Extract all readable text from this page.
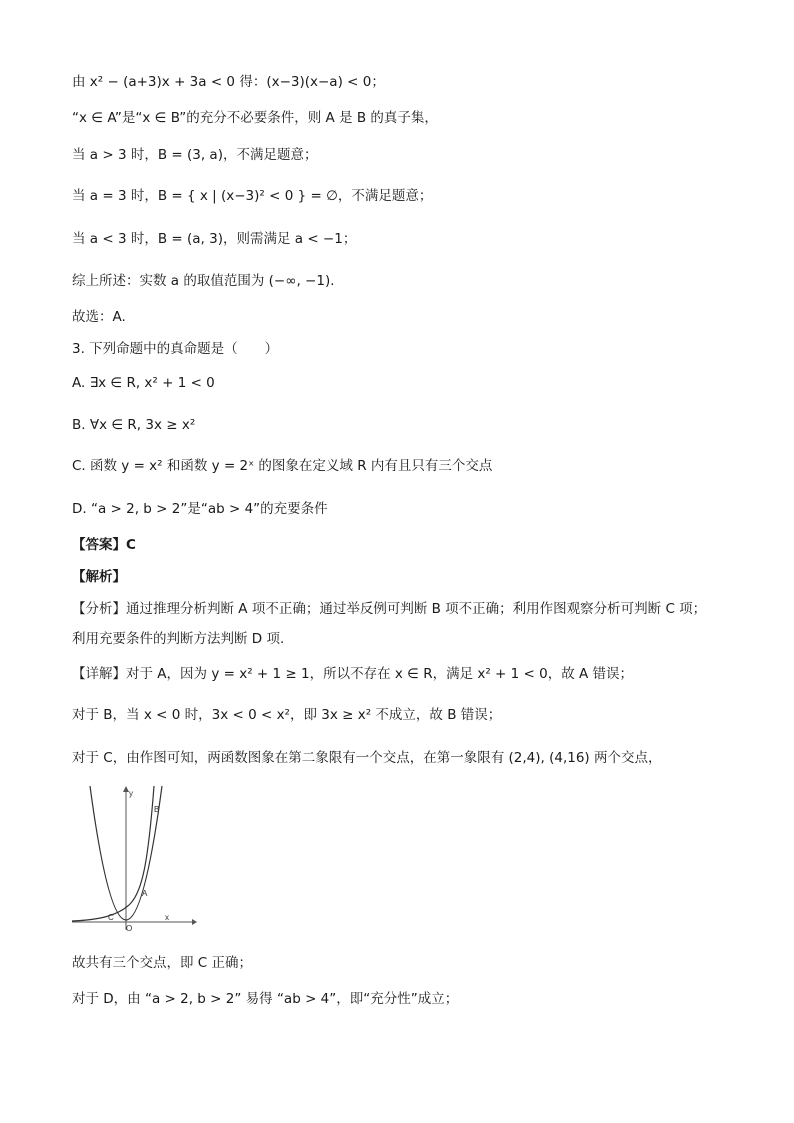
由 x² − (a+3)x + 3a < 0 得：(x−3)(x−a) < 0；
“x ∈ A”是“x ∈ B”的充分不必要条件，则 A 是 B 的真子集，
当 a > 3 时，B = (3, a)，不满足题意；
当 a = 3 时，B = { x | (x−3)² < 0 } = ∅，不满足题意；
当 a < 3 时，B = (a, 3)，则需满足 a < −1；
综上所述：实数 a 的取值范围为 (−∞, −1).
故选：A.
3. 下列命题中的真命题是（　　）
A. ∃x ∈ R, x² + 1 < 0
B. ∀x ∈ R, 3x ≥ x²
C. 函数 y = x² 和函数 y = 2ˣ 的图象在定义域 R 内有且只有三个交点
D. “a > 2, b > 2”是“ab > 4”的充要条件
【答案】C
【解析】
【分析】通过推理分析判断 A 项不正确；通过举反例可判断 B 项不正确；利用作图观察分析可判断 C 项；
利用充要条件的判断方法判断 D 项.
【详解】对于 A，因为 y = x² + 1 ≥ 1，所以不存在 x ∈ R，满足 x² + 1 < 0，故 A 错误；
对于 B，当 x < 0 时，3x < 0 < x²，即 3x ≥ x² 不成立，故 B 错误；
对于 C，由作图可知，两函数图象在第二象限有一个交点，在第一象限有 (2,4), (4,16) 两个交点，
y
x
O
B
A
C
故共有三个交点，即 C 正确；
对于 D，由 “a > 2, b > 2” 易得 “ab > 4”，即“充分性”成立；
